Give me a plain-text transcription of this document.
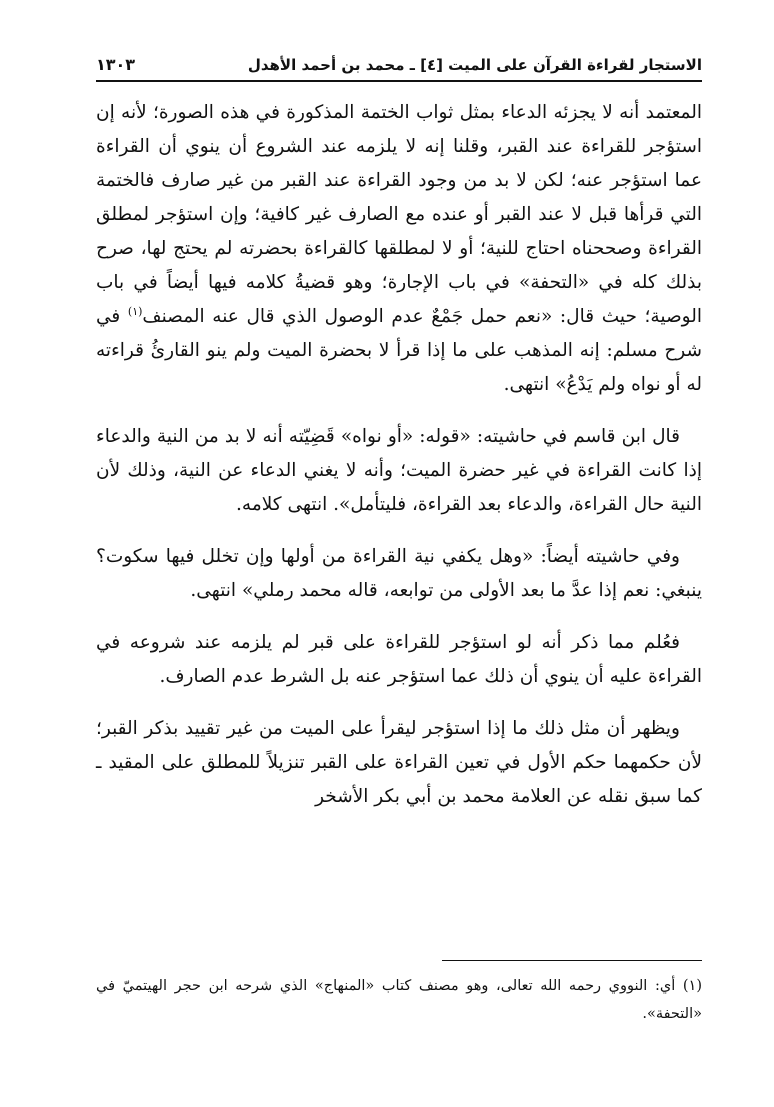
الاستجار لقراءة القرآن على الميت [٤] ـ محمد بن أحمد الأهدل
١٣٠٣

المعتمد أنه لا يجزئه الدعاء بمثل ثواب الختمة المذكورة في هذه الصورة؛ لأنه إن استؤجر للقراءة عند القبر، وقلنا إنه لا يلزمه عند الشروع أن ينوي أن القراءة عما استؤجر عنه؛ لكن لا بد من وجود القراءة عند القبر من غير صارف فالختمة التي قرأها قبل لا عند القبر أو عنده مع الصارف غير كافية؛ وإن استؤجر لمطلق القراءة وصححناه احتاج للنية؛ أو لا لمطلقها كالقراءة بحضرته لم يحتج لها، صرح بذلك كله في «التحفة» في باب الإجارة؛ وهو قضيةُ كلامه فيها أيضاً في باب الوصية؛ حيث قال: «نعم حمل جَمْعٌ عدم الوصول الذي قال عنه المصنف$^{(١)}$ في شرح مسلم: إنه المذهب على ما إذا قرأ لا بحضرة الميت ولم ينو القارئُ قراءته له أو نواه ولم يَدْعُ» انتهى.

قال ابن قاسم في حاشيته: «قوله: «أو نواه» قَضِيّته أنه لا بد من النية والدعاء إذا كانت القراءة في غير حضرة الميت؛ وأنه لا يغني الدعاء عن النية، وذلك لأن النية حال القراءة، والدعاء بعد القراءة، فليتأمل». انتهى كلامه.

وفي حاشيته أيضاً: «وهل يكفي نية القراءة من أولها وإن تخلل فيها سكوت؟ ينبغي: نعم إذا عدَّ ما بعد الأولى من توابعه، قاله محمد رملي» انتهى.

فعُلم مما ذكر أنه لو استؤجر للقراءة على قبر لم يلزمه عند شروعه في القراءة عليه أن ينوي أن ذلك عما استؤجر عنه بل الشرط عدم الصارف.

ويظهر أن مثل ذلك ما إذا استؤجر ليقرأ على الميت من غير تقييد بذكر القبر؛ لأن حكمهما حكم الأول في تعين القراءة على القبر تنزيلاً للمطلق على المقيد ـ كما سبق نقله عن العلامة محمد بن أبي بكر الأشخر

(١) أي: النووي رحمه الله تعالى، وهو مصنف كتاب «المنهاج» الذي شرحه ابن حجر الهيتميّ في «التحفة».
